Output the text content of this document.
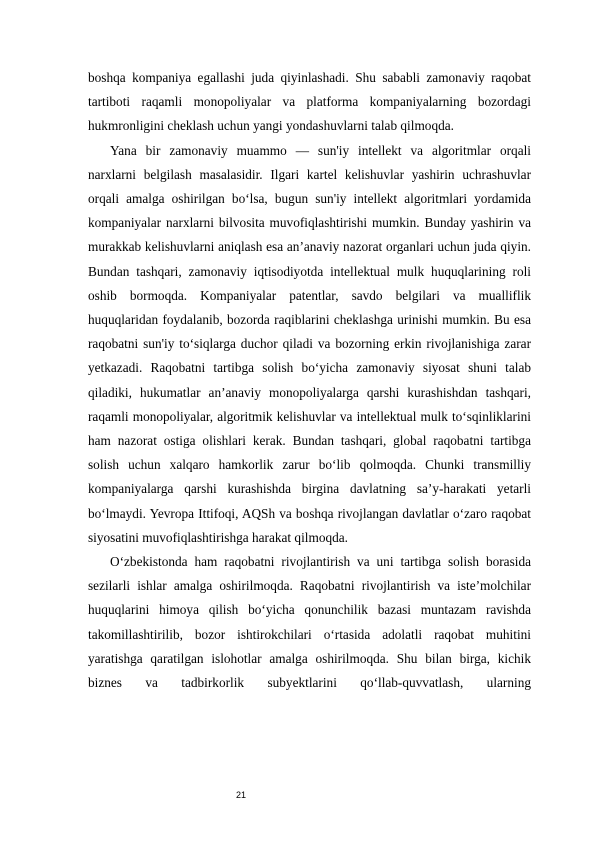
boshqa kompaniya egallashi juda qiyinlashadi. Shu sababli zamonaviy raqobat tartiboti raqamli monopoliyalar va platforma kompaniyalarning bozordagi hukmronligini cheklash uchun yangi yondashuvlarni talab qilmoqda.

Yana bir zamonaviy muammo — sun'iy intellekt va algoritmlar orqali narxlarni belgilash masalasidir. Ilgari kartel kelishuvlar yashirin uchrashuvlar orqali amalga oshirilgan bo‘lsa, bugun sun'iy intellekt algoritmlari yordamida kompaniyalar narxlarni bilvosita muvofiqlashtirishi mumkin. Bunday yashirin va murakkab kelishuvlarni aniqlash esa an’anaviy nazorat organlari uchun juda qiyin. Bundan tashqari, zamonaviy iqtisodiyotda intellektual mulk huquqlarining roli oshib bormoqda. Kompaniyalar patentlar, savdo belgilari va mualliflik huquqlaridan foydalanib, bozorda raqiblarini cheklashga urinishi mumkin. Bu esa raqobatni sun'iy to‘siqlarga duchor qiladi va bozorning erkin rivojlanishiga zarar yetkazadi. Raqobatni tartibga solish bo‘yicha zamonaviy siyosat shuni talab qiladiki, hukumatlar an’anaviy monopoliyalarga qarshi kurashishdan tashqari, raqamli monopoliyalar, algoritmik kelishuvlar va intellektual mulk to‘sqinliklarini ham nazorat ostiga olishlari kerak. Bundan tashqari, global raqobatni tartibga solish uchun xalqaro hamkorlik zarur bo‘lib qolmoqda. Chunki transmilliy kompaniyalarga qarshi kurashishda birgina davlatning sa’y-harakati yetarli bo‘lmaydi. Yevropa Ittifoqi, AQSh va boshqa rivojlangan davlatlar o‘zaro raqobat siyosatini muvofiqlashtirishga harakat qilmoqda.

O‘zbekistonda ham raqobatni rivojlantirish va uni tartibga solish borasida sezilarli ishlar amalga oshirilmoqda. Raqobatni rivojlantirish va iste’molchilar huquqlarini himoya qilish bo‘yicha qonunchilik bazasi muntazam ravishda takomillashtirilib, bozor ishtirokchilari o‘rtasida adolatli raqobat muhitini yaratishga qaratilgan islohotlar amalga oshirilmoqda. Shu bilan birga, kichik biznes va tadbirkorlik subyektlarini qo‘llab-quvvatlash, ularning

21
